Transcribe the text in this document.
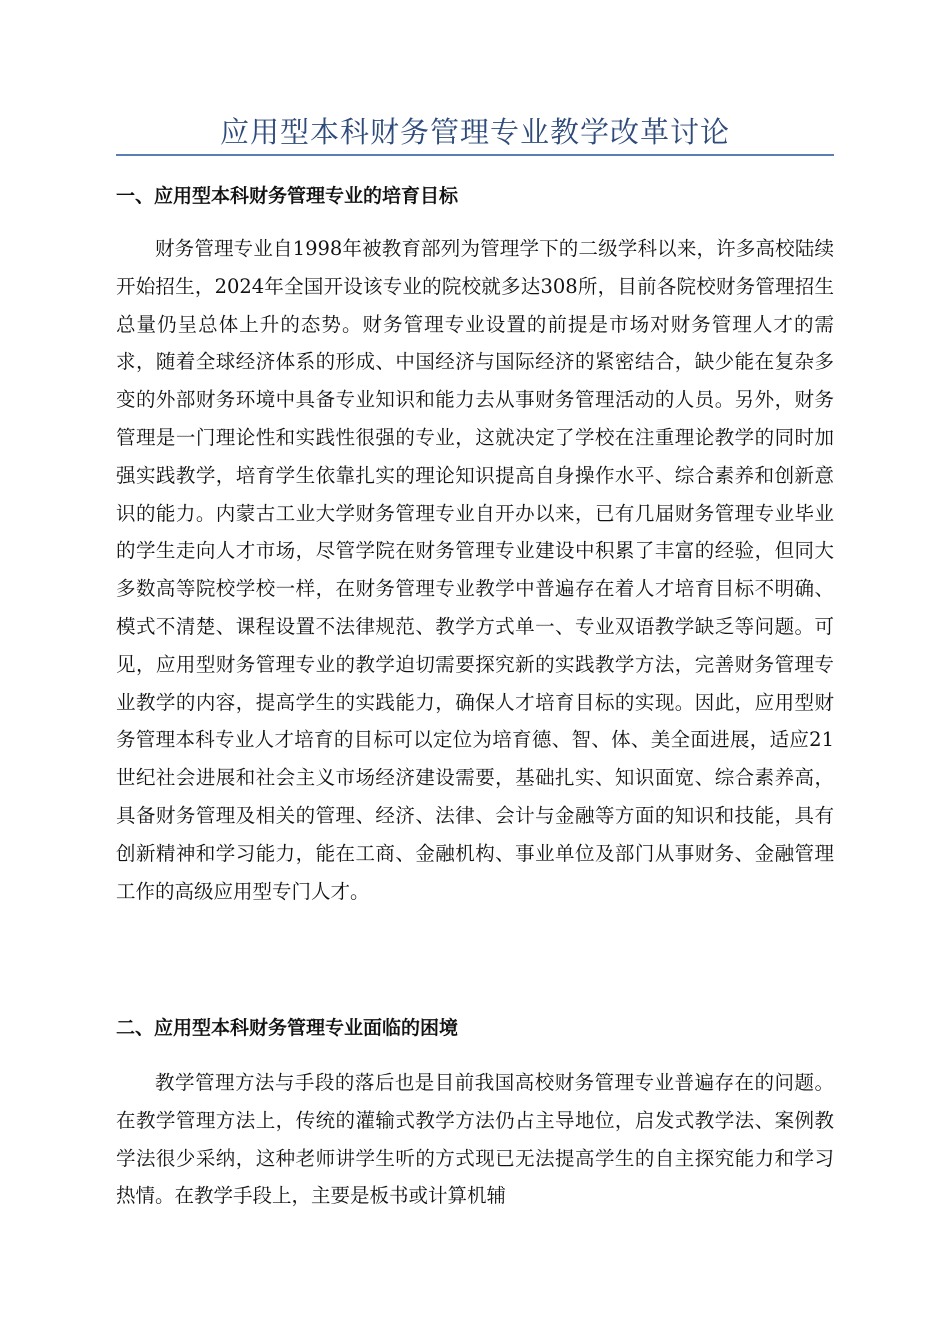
应用型本科财务管理专业教学改革讨论
一、应用型本科财务管理专业的培育目标
财务管理专业自1998年被教育部列为管理学下的二级学科以来，许多高校陆续开始招生，2024年全国开设该专业的院校就多达308所，目前各院校财务管理招生总量仍呈总体上升的态势。财务管理专业设置的前提是市场对财务管理人才的需求，随着全球经济体系的形成、中国经济与国际经济的紧密结合，缺少能在复杂多变的外部财务环境中具备专业知识和能力去从事财务管理活动的人员。另外，财务管理是一门理论性和实践性很强的专业，这就决定了学校在注重理论教学的同时加强实践教学，培育学生依靠扎实的理论知识提高自身操作水平、综合素养和创新意识的能力。内蒙古工业大学财务管理专业自开办以来，已有几届财务管理专业毕业的学生走向人才市场，尽管学院在财务管理专业建设中积累了丰富的经验，但同大多数高等院校学校一样，在财务管理专业教学中普遍存在着人才培育目标不明确、模式不清楚、课程设置不法律规范、教学方式单一、专业双语教学缺乏等问题。可见，应用型财务管理专业的教学迫切需要探究新的实践教学方法，完善财务管理专业教学的内容，提高学生的实践能力，确保人才培育目标的实现。因此，应用型财务管理本科专业人才培育的目标可以定位为培育德、智、体、美全面进展，适应21世纪社会进展和社会主义市场经济建设需要，基础扎实、知识面宽、综合素养高，具备财务管理及相关的管理、经济、法律、会计与金融等方面的知识和技能，具有创新精神和学习能力，能在工商、金融机构、事业单位及部门从事财务、金融管理工作的高级应用型专门人才。
二、应用型本科财务管理专业面临的困境
教学管理方法与手段的落后也是目前我国高校财务管理专业普遍存在的问题。在教学管理方法上，传统的灌输式教学方法仍占主导地位，启发式教学法、案例教学法很少采纳，这种老师讲学生听的方式现已无法提高学生的自主探究能力和学习热情。在教学手段上，主要是板书或计算机辅
